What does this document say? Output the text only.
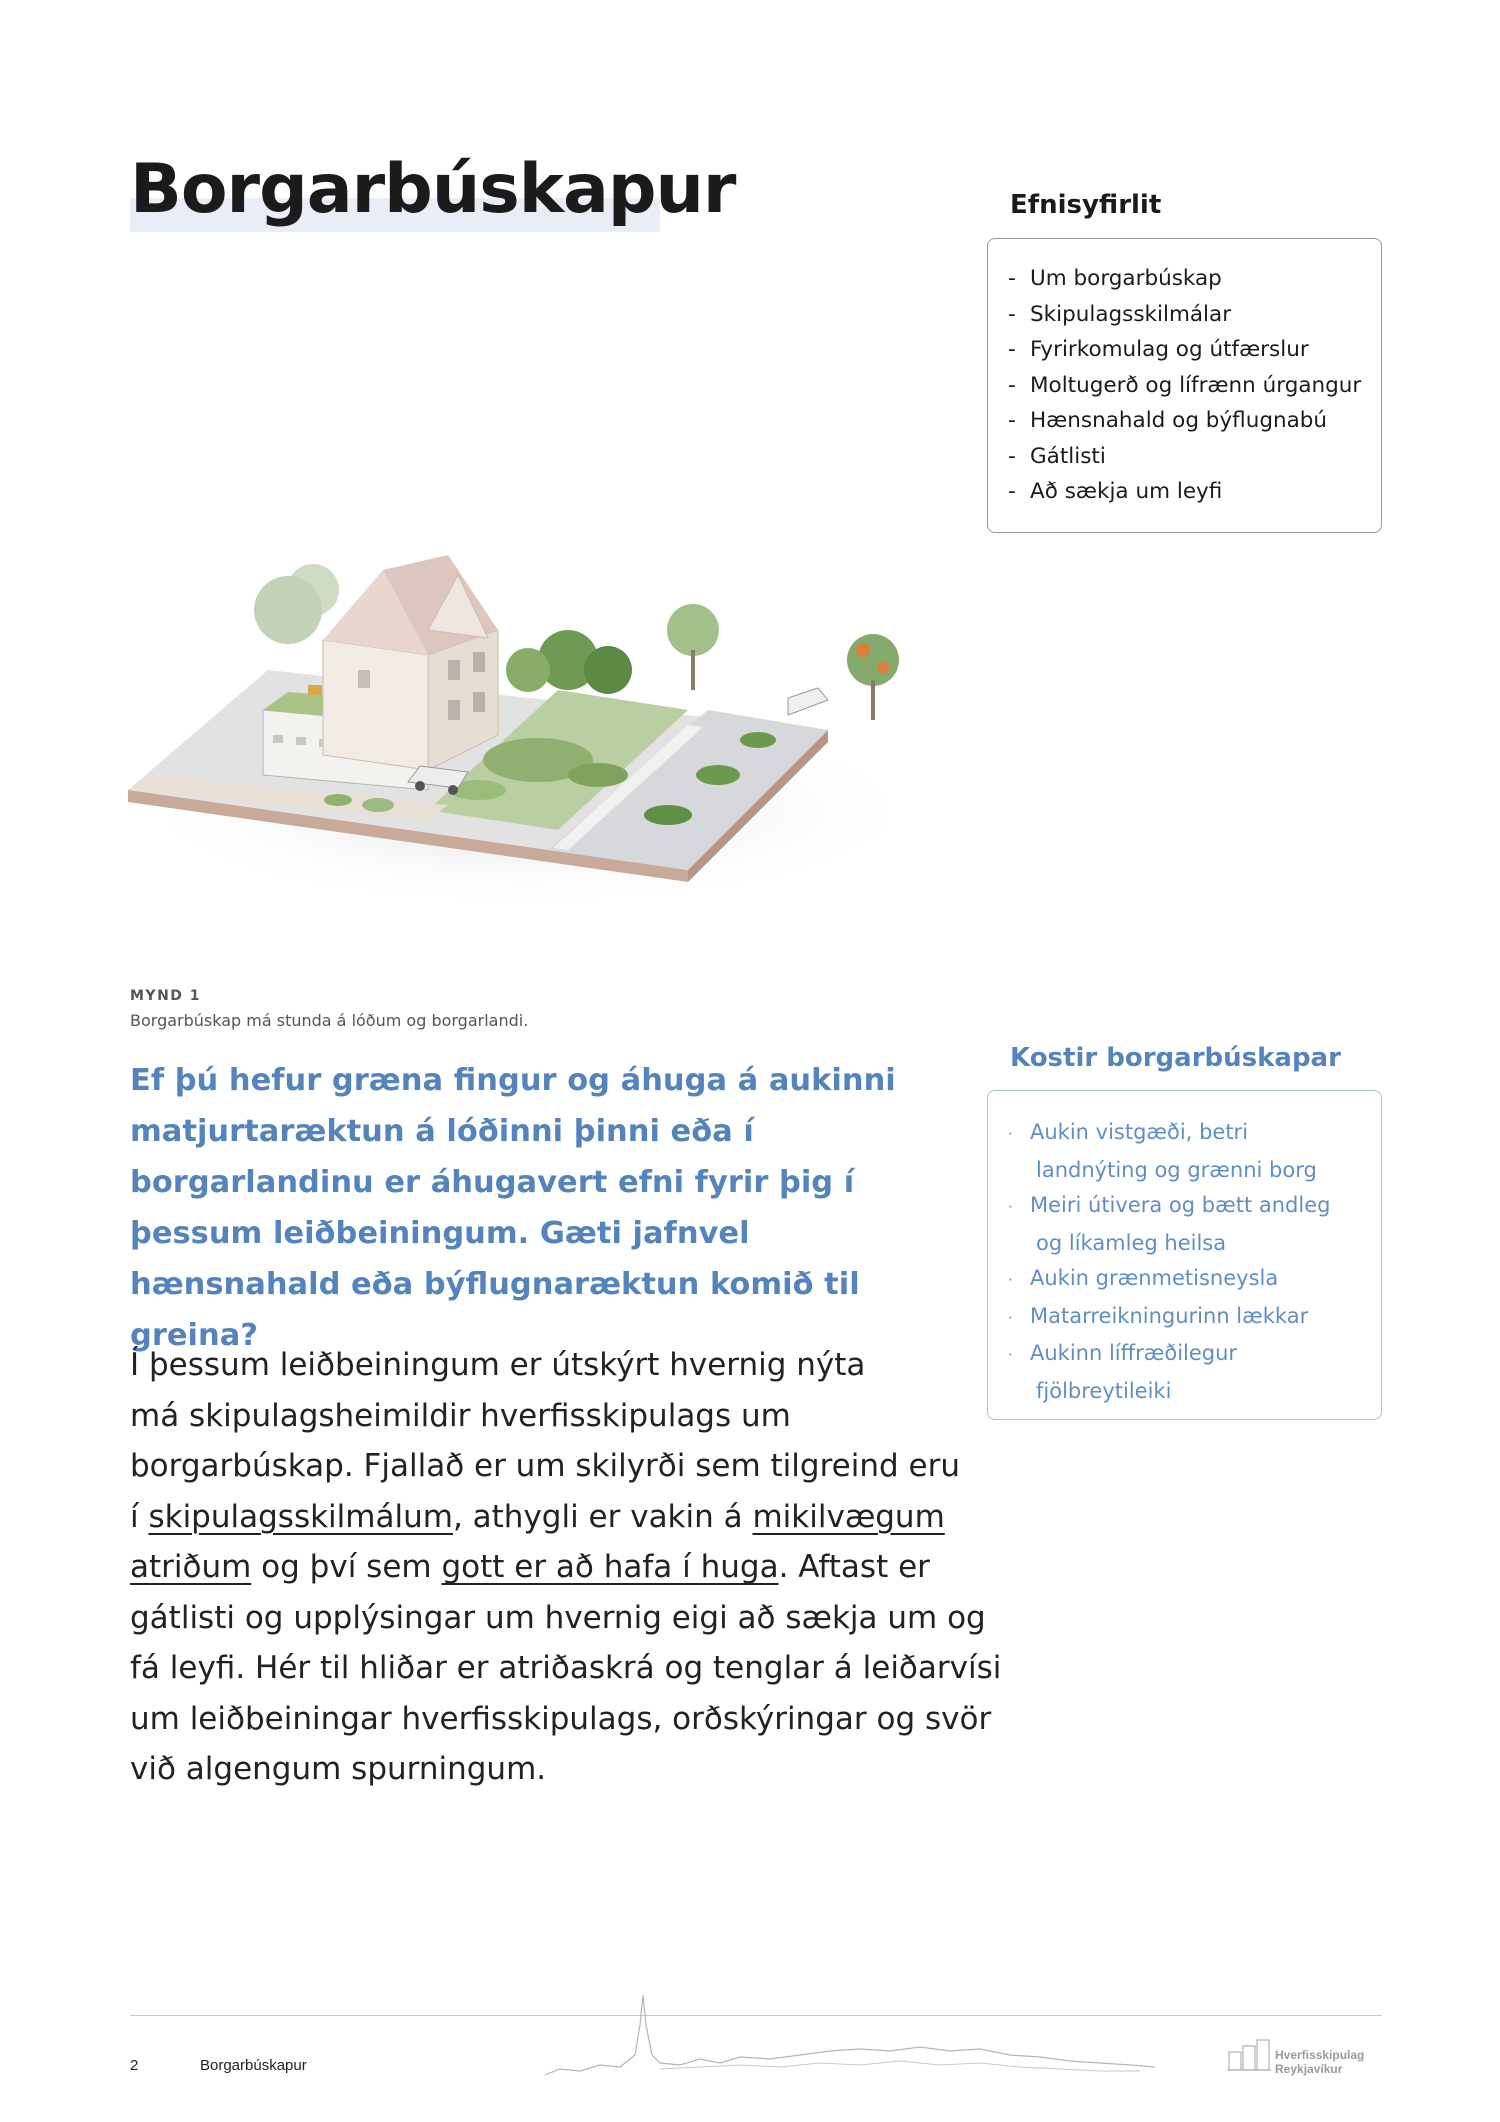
Borgarbúskapur	Efnisyfirlit
- Um borgarbúskap
- Skipulagsskilmálar
- Fyrirkomulag og útfærslur
- Moltugerð og lífrænn úrgangur
- Hænsnahald og býflugnabú
- Gátlisti
- Að sækja um leyfi
MYND 1
Borgarbúskap má stunda á lóðum og borgarlandi.

Ef þú hefur græna fingur og áhuga á aukinni matjurtaræktun á lóðinni þinni eða í borgarlandinu er áhugavert efni fyrir þig í þessum leiðbeiningum. Gæti jafnvel hænsnahald eða býflugnaræktun komið til greina?

Í þessum leiðbeiningum er útskýrt hvernig nýta
má skipulagsheimildir hverfisskipulags um
borgarbúskap. Fjallað er um skilyrði sem tilgreind eru
í skipulagsskilmálum, athygli er vakin á mikilvægum
atriðum og því sem gott er að hafa í huga. Aftast er
gátlisti og upplýsingar um hvernig eigi að sækja um og
fá leyfi. Hér til hliðar er atriðaskrá og tenglar á leiðarvísi
um leiðbeiningar hverfisskipulags, orðskýringar og svör
við algengum spurningum.
Kostir borgarbúskapar
· Aukin vistgæði, betri
landnýting og grænni borg
· Meiri útivera og bætt andleg
og líkamleg heilsa
· Aukin grænmetisneysla
· Matarreikningurinn lækkar
· Aukinn líffræðilegur
fjölbreytileiki
2	Borgarbúskapur
Hverfisskipulag
Reykjavíkur
